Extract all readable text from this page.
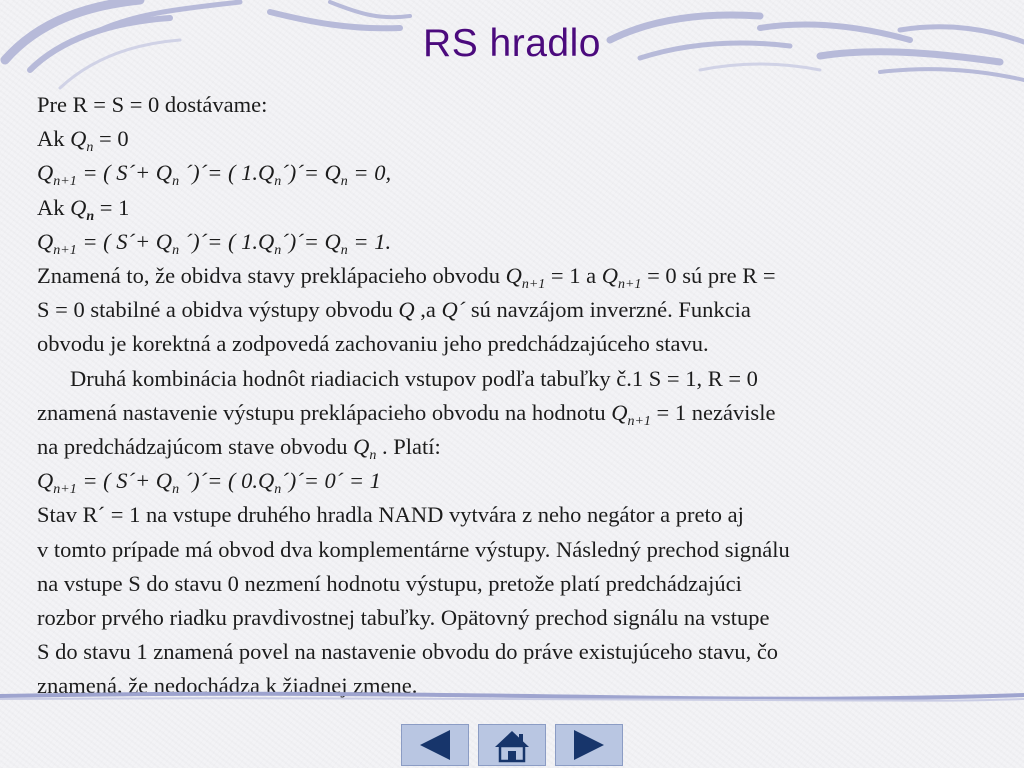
RS hradlo

Pre R = S = 0 dostávame:

Ak $Q_n = 0$

$Q_{n+1}$ = ( S´+ $Q_n$ ´)´= ( $1.Q_n´)´= Q_n = 0$,

Ak $Q_n = 1$

$Q_{n+1}$ = ( S´+ $Q_n$ ´)´= ( $1.Q_n´)´= Q_n = 1$.

Znamená to, že obidva stavy preklápacieho obvodu $Q_{n+1} = 1$ a $Q_{n+1} = 0$ sú pre R =

S = 0 stabilné a obidva výstupy obvodu Q ,a Q´ sú navzájom inverzné. Funkcia

obvodu je korektná a zodpovedá zachovaniu jeho predchádzajúceho stavu.

Druhá kombinácia hodnôt riadiacich vstupov podľa tabuľky č.1 S = 1, R = 0

znamená nastavenie výstupu preklápacieho obvodu na hodnotu $Q_{n+1} = 1$ nezávisle

na predchádzajúcom stave obvodu $Q_n$ . Platí:

$Q_{n+1}$ = ( S´+ $Q_n$ ´)´= ( $0.Q_n´)´=$ 0´ = 1

Stav R´ = 1 na vstupe druhého hradla NAND vytvára z neho negátor a preto aj

v tomto prípade má obvod dva komplementárne výstupy. Následný prechod signálu

na vstupe S do stavu 0 nezmení hodnotu výstupu, pretože platí predchádzajúci

rozbor prvého riadku pravdivostnej tabuľky. Opätovný prechod signálu na vstupe

S do stavu 1 znamená povel na nastavenie obvodu do práve existujúceho stavu, čo

znamená, že nedochádza k žiadnej zmene.
